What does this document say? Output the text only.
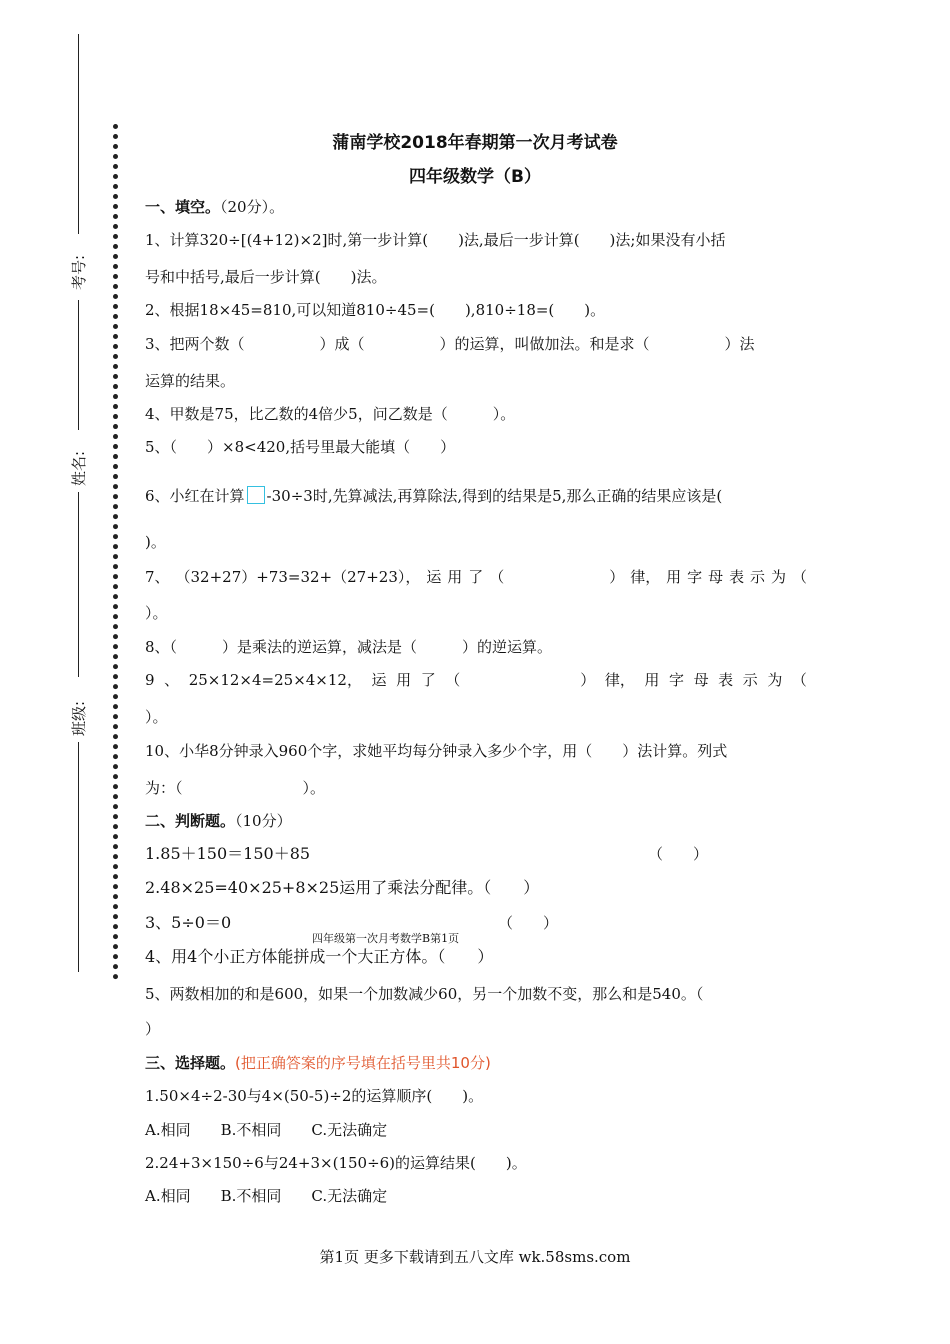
考号:
姓名:
班级:
蒲南学校2018年春期第一次月考试卷
四年级数学（B）
一、填空。（20分）。
1、计算320÷[(4+12)×2]时,第一步计算(　　)法,最后一步计算(　　)法;如果没有小括
号和中括号,最后一步计算(　　)法。
2、根据18×45=810,可以知道810÷45=(　　),810÷18=(　　)。
3、把两个数（　　　　　）成（　　　　　）的运算，叫做加法。和是求（　　　　　）法
运算的结果。
4、甲数是75，比乙数的4倍少5，问乙数是（　　　）。
5、（　　）×8<420,括号里最大能填（　　）
6、小红在计算 -30÷3时,先算减法,再算除法,得到的结果是5,那么正确的结果应该是(
)。
7、 （32+27）+73=32+（27+23）， 运 用 了 （　　　　　　　） 律， 用 字 母 表 示 为 （
）。
8、（　　　）是乘法的逆运算，减法是（　　　）的逆运算。
9 、 25×12×4=25×4×12， 运 用 了 （　　　　　　　　） 律， 用 字 母 表 示 为 （
）。
10、小华8分钟录入960个字，求她平均每分钟录入多少个字，用（　　）法计算。列式
为：（　　　　　　　　）。
二、判断题。（10分）
1.85＋150＝150＋85	（　　）
2.48×25=40×25+8×25运用了乘法分配律。（　　）
3、5÷0＝0	（　　）
四年级第一次月考数学B第1页
4、用4个小正方体能拼成一个大正方体。（　　）
5、两数相加的和是600，如果一个加数减少60，另一个加数不变，那么和是540。（
）
三、选择题。(把正确答案的序号填在括号里共10分)
1.50×4÷2-30与4×(50-5)÷2的运算顺序(　　)。
A.相同　　B.不相同　　C.无法确定
2.24+3×150÷6与24+3×(150÷6)的运算结果(　　)。
A.相同　　B.不相同　　C.无法确定
第1页 更多下载请到五八文库 wk.58sms.com
